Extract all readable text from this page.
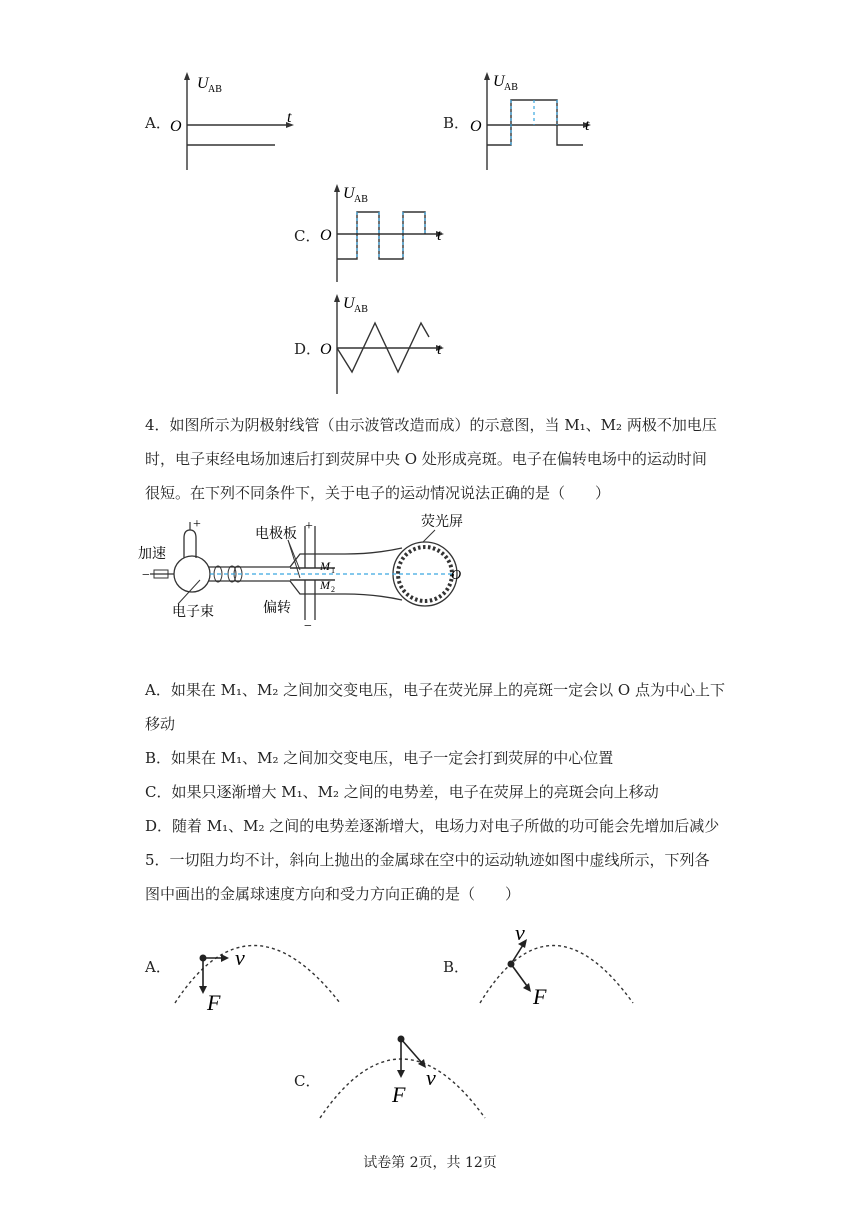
A．
U AB
O
t	B．
U AB
O	t
C．
U AB
O	t
D．
U AB
O	t
4．如图所示为阴极射线管（由示波管改造而成）的示意图，当 M₁、M₂ 两极不加电压
时，电子束经电场加速后打到荧屏中央 O 处形成亮斑。电子在偏转电场中的运动时间
很短。在下列不同条件下，关于电子的运动情况说法正确的是（　　）
+
−
+
−
加速
电子束
电极板
偏转
荧光屏
M 1
M 2
O
A．如果在 M₁、M₂ 之间加交变电压，电子在荧光屏上的亮斑一定会以 O 点为中心上下
移动
B．如果在 M₁、M₂ 之间加交变电压，电子一定会打到荧屏的中心位置
C．如果只逐渐增大 M₁、M₂ 之间的电势差，电子在荧屏上的亮斑会向上移动
D．随着 M₁、M₂ 之间的电势差逐渐增大，电场力对电子所做的功可能会先增加后减少
5．一切阻力均不计，斜向上抛出的金属球在空中的运动轨迹如图中虚线所示，下列各
图中画出的金属球速度方向和受力方向正确的是（　　）
A．	v
F
B．
v
F
C．	v
F
试卷第 2页，共 12页
